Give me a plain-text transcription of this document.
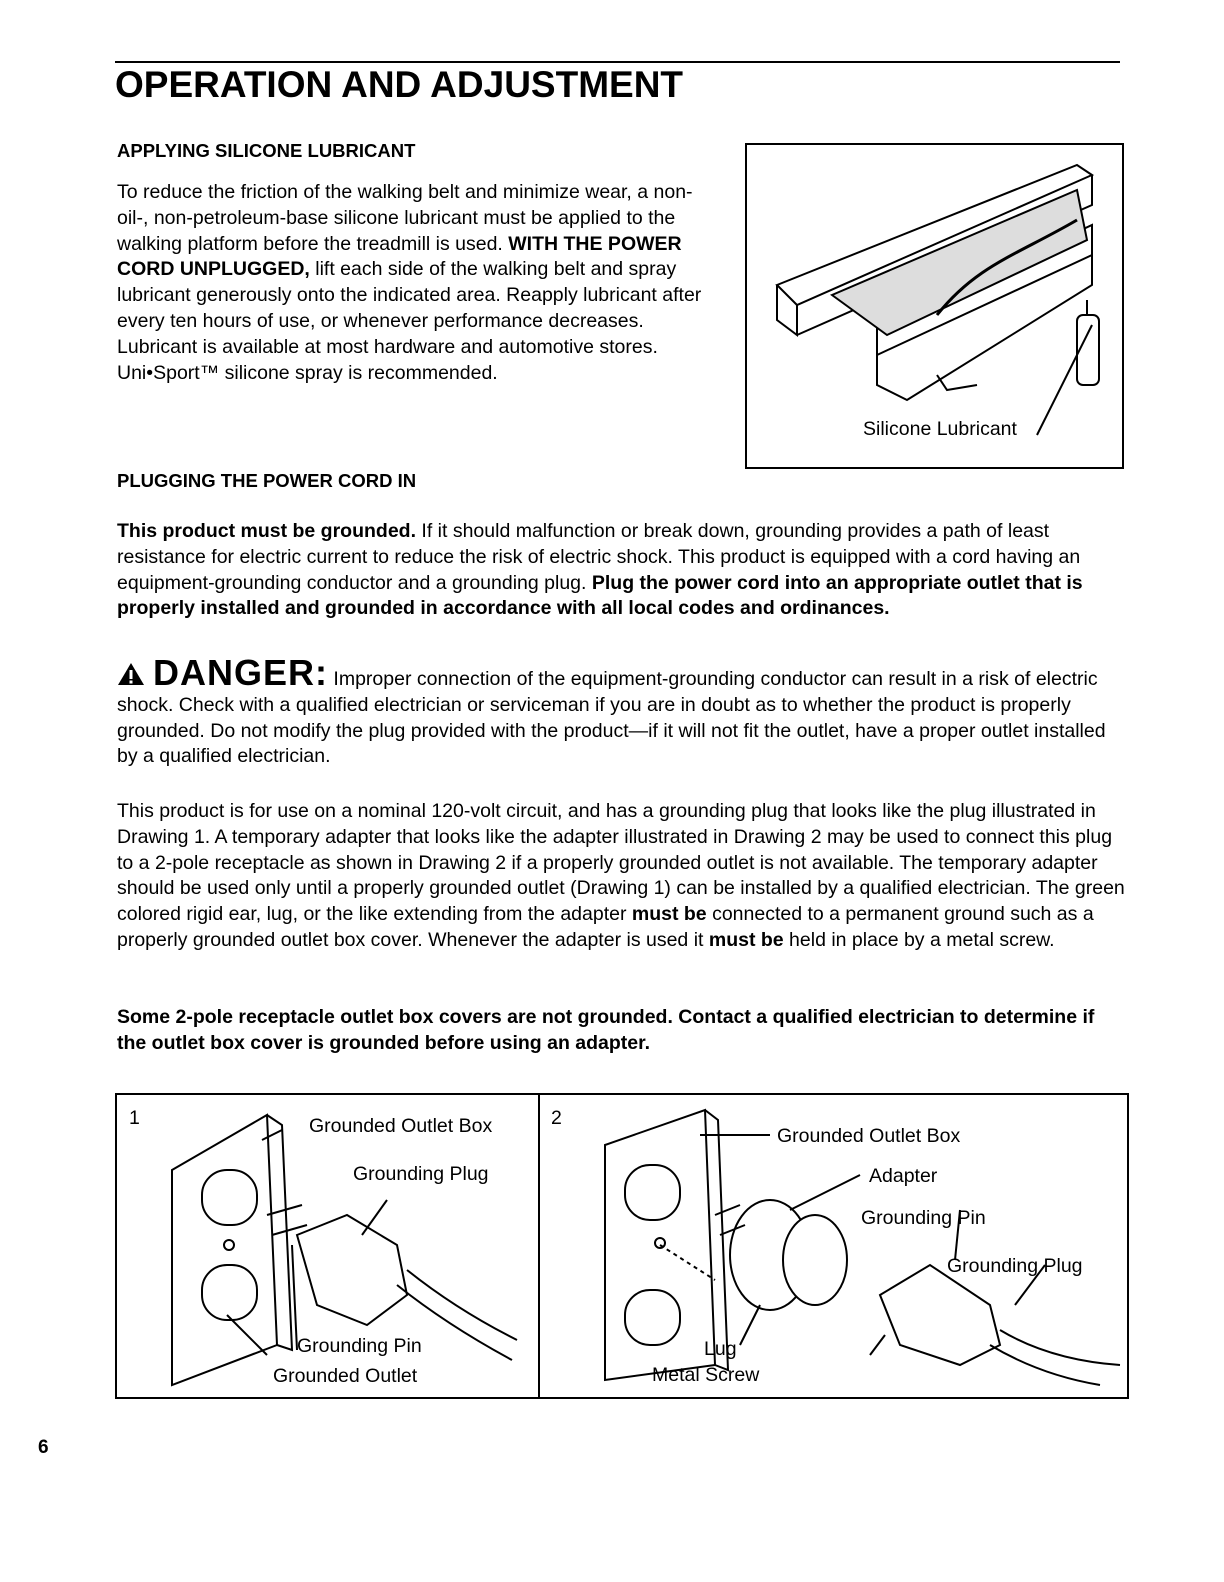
OPERATION AND ADJUSTMENT
APPLYING SILICONE LUBRICANT
To reduce the friction of the walking belt and minimize wear, a non-oil-, non-petroleum-base silicone lubricant must be applied to the walking platform before the treadmill is used. WITH THE POWER CORD UNPLUGGED, lift each side of the walking belt and spray lubricant generously onto the indicated area. Reapply lubricant after every ten hours of use, or whenever performance decreases. Lubricant is available at most hardware and automotive stores. Uni•Sport™ silicone spray is recommended.
Silicone Lubricant
PLUGGING THE POWER CORD IN
This product must be grounded. If it should malfunction or break down, grounding provides a path of least resistance for electric current to reduce the risk of electric shock. This product is equipped with a cord having an equipment-grounding conductor and a grounding plug. Plug the power cord into an appropriate outlet that is properly installed and grounded in accordance with all local codes and ordinances.
DANGER: Improper connection of the equipment-grounding conductor can result in a risk of electric shock. Check with a qualified electrician or serviceman if you are in doubt as to whether the product is properly grounded. Do not modify the plug provided with the product—if it will not fit the outlet, have a proper outlet installed by a qualified electrician.
This product is for use on a nominal 120-volt circuit, and has a grounding plug that looks like the plug illustrated in Drawing 1. A temporary adapter that looks like the adapter illustrated in Drawing 2 may be used to connect this plug to a 2-pole receptacle as shown in Drawing 2 if a properly grounded outlet is not available. The temporary adapter should be used only until a properly grounded outlet (Drawing 1) can be installed by a qualified electrician. The green colored rigid ear, lug, or the like extending from the adapter must be connected to a permanent ground such as a properly grounded outlet box cover. Whenever the adapter is used it must be held in place by a metal screw.
Some 2-pole receptacle outlet box covers are not grounded. Contact a qualified electrician to determine if the outlet box cover is grounded before using an adapter.
1	Grounded Outlet Box
Grounding Plug
Grounding Pin
Grounded Outlet
2
Grounded Outlet Box
Adapter
Grounding Pin
Grounding Plug
Lug
Metal Screw
6
